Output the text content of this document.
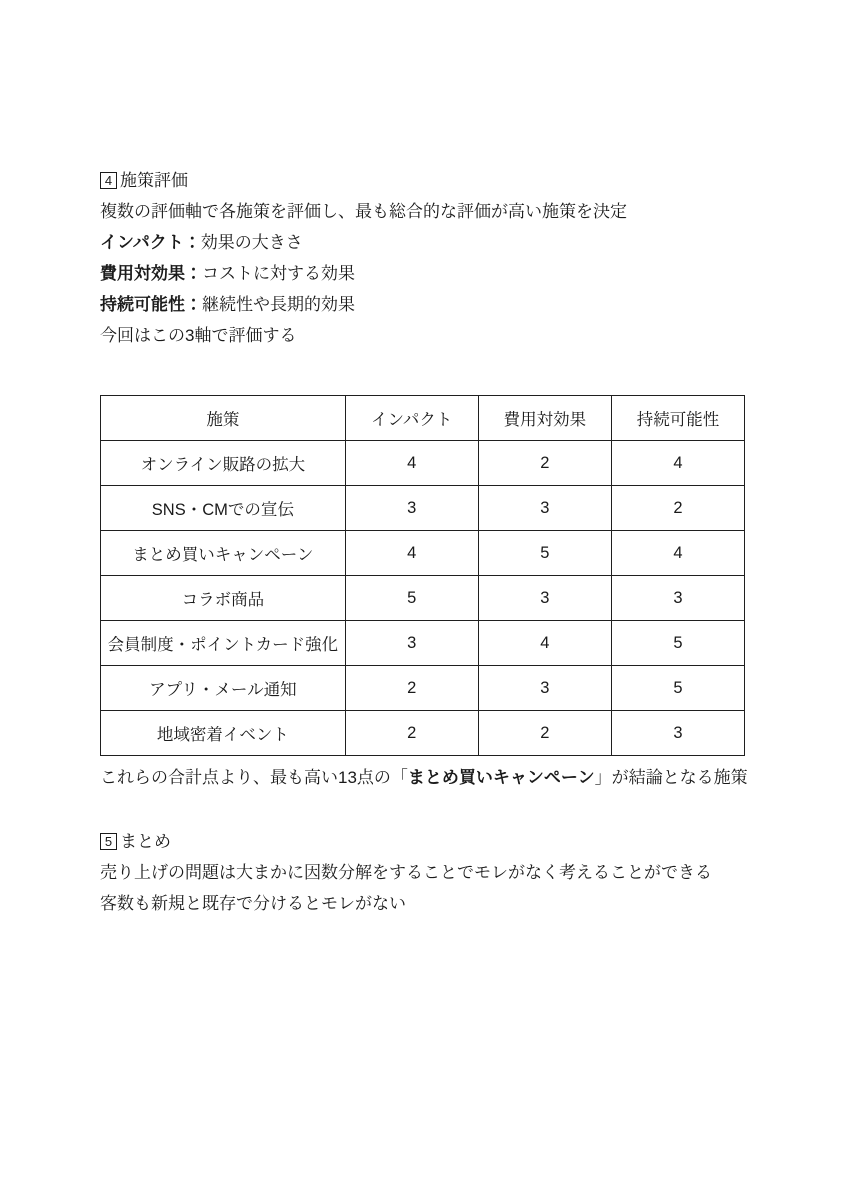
4 施策評価
複数の評価軸で各施策を評価し、最も総合的な評価が高い施策を決定
インパクト：効果の大きさ
費用対効果：コストに対する効果
持続可能性：継続性や長期的効果
今回はこの3軸で評価する
施策	インパクト	費用対効果	持続可能性
オンライン販路の拡大	4	2	4
SNS・CMでの宣伝	3	3	2
まとめ買いキャンペーン	4	5	4
コラボ商品	5	3	3
会員制度・ポイントカード強化	3	4	5
アプリ・メール通知	2	3	5
地域密着イベント	2	2	3
これらの合計点より、最も高い13点の「まとめ買いキャンペーン」が結論となる施策
5 まとめ
売り上げの問題は大まかに因数分解をすることでモレがなく考えることができる
客数も新規と既存で分けるとモレがない
